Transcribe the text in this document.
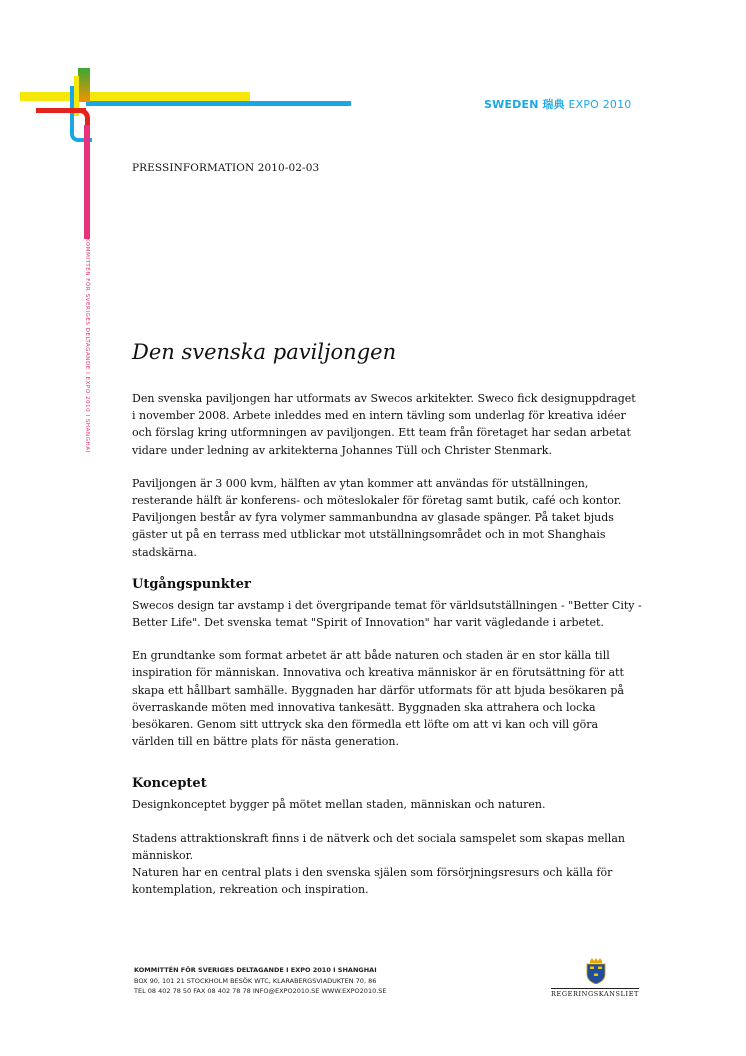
SWEDEN 瑞典 EXPO 2010
PRESSINFORMATION 2010-02-03
KOMMITTÉN FÖR SVERIGES DELTAGANDE I EXPO 2010 I SHANGHAI Den svenska paviljongen

Den svenska paviljongen har utformats av Swecos arkitekter. Sweco fick designuppdraget i november 2008. Arbete inleddes med en intern tävling som underlag för kreativa idéer och förslag kring utformningen av paviljongen. Ett team från företaget har sedan arbetat vidare under ledning av arkitekterna Johannes Tüll och Christer Stenmark.

Paviljongen är 3 000 kvm, hälften av ytan kommer att användas för utställningen, resterande hälft är konferens- och möteslokaler för företag samt butik, café och kontor. Paviljongen består av fyra volymer sammanbundna av glasade spänger. På taket bjuds gäster ut på en terrass med utblickar mot utställningsområdet och in mot Shanghais stadskärna.

Utgångspunkter

Swecos design tar avstamp i det övergripande temat för världsutställningen - "Better City - Better Life". Det svenska temat "Spirit of Innovation" har varit vägledande i arbetet.

En grundtanke som format arbetet är att både naturen och staden är en stor källa till inspiration för människan. Innovativa och kreativa människor är en förutsättning för att skapa ett hållbart samhälle. Byggnaden har därför utformats för att bjuda besökaren på överraskande möten med innovativa tankesätt. Byggnaden ska attrahera och locka besökaren. Genom sitt uttryck ska den förmedla ett löfte om att vi kan och vill göra världen till en bättre plats för nästa generation.

Konceptet

Designkonceptet bygger på mötet mellan staden, människan och naturen.

Stadens attraktionskraft finns i de nätverk och det sociala samspelet som skapas mellan människor.

Naturen har en central plats i den svenska själen som försörjningsresurs och källa för kontemplation, rekreation och inspiration.

KOMMITTÉN FÖR SVERIGES DELTAGANDE I EXPO 2010 I SHANGHAI
BOX 90, 101 21 STOCKHOLM BESÖK WTC, KLARABERGSVIADUKTEN 70, 86
TEL 08 402 78 50 FAX 08 402 78 78 INFO@EXPO2010.SE WWW.EXPO2010.SE	REGERINGSKANSLIET
